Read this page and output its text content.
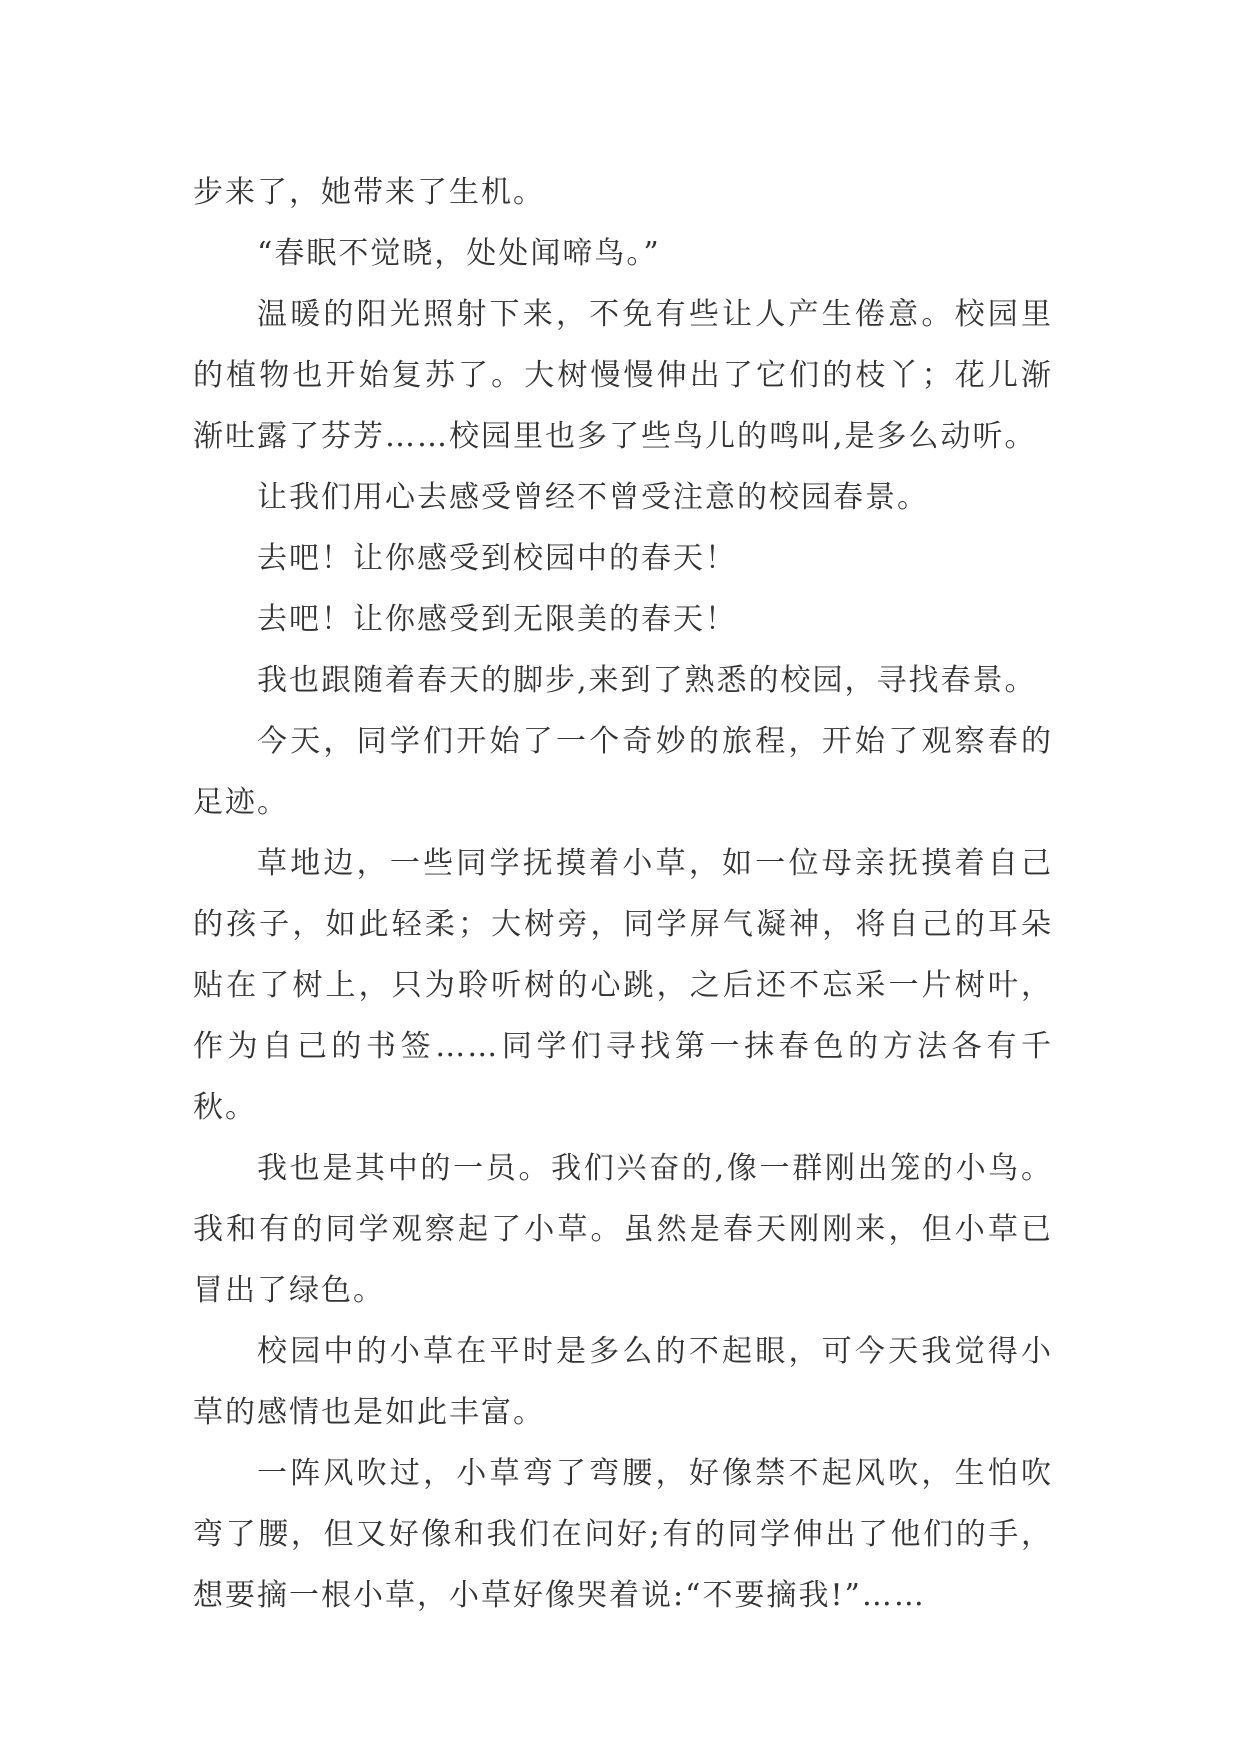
步来了，她带来了生机。

“春眠不觉晓，处处闻啼鸟。”

温暖的阳光照射下来，不免有些让人产生倦意。校园里的植物也开始复苏了。大树慢慢伸出了它们的枝丫；花儿渐渐吐露了芬芳……校园里也多了些鸟儿的鸣叫,是多么动听。

让我们用心去感受曾经不曾受注意的校园春景。

去吧！让你感受到校园中的春天！

去吧！让你感受到无限美的春天！

我也跟随着春天的脚步,来到了熟悉的校园，寻找春景。

今天，同学们开始了一个奇妙的旅程，开始了观察春的足迹。

草地边，一些同学抚摸着小草，如一位母亲抚摸着自己的孩子，如此轻柔；大树旁，同学屏气凝神，将自己的耳朵贴在了树上，只为聆听树的心跳，之后还不忘采一片树叶，作为自己的书签……同学们寻找第一抹春色的方法各有千秋。

我也是其中的一员。我们兴奋的,像一群刚出笼的小鸟。我和有的同学观察起了小草。虽然是春天刚刚来，但小草已冒出了绿色。

校园中的小草在平时是多么的不起眼，可今天我觉得小草的感情也是如此丰富。

一阵风吹过，小草弯了弯腰，好像禁不起风吹，生怕吹弯了腰，但又好像和我们在问好;有的同学伸出了他们的手，想要摘一根小草，小草好像哭着说:“不要摘我!”……
